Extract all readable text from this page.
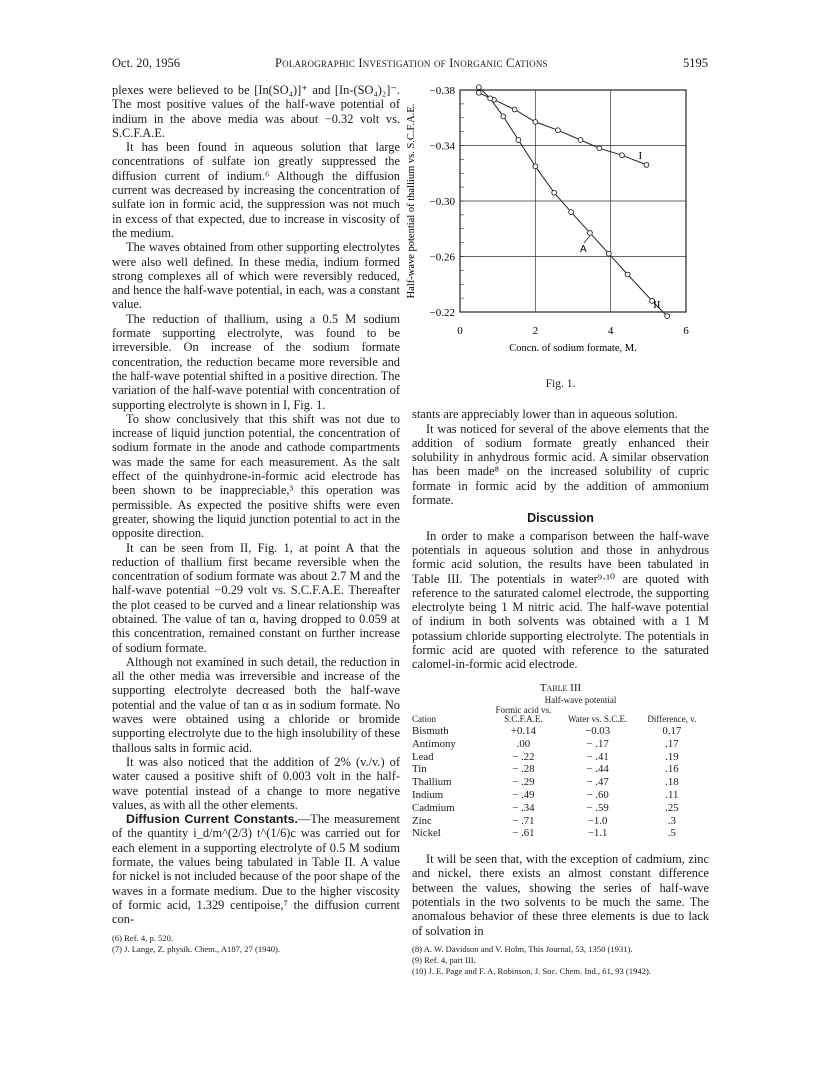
Oct. 20, 1956	Polarographic Investigation of Inorganic Cations	5195

plexes were believed to be [In(SO₄)]⁺ and [In-(SO₄)₂]⁻. The most positive values of the half-wave potential of indium in the above media was about −0.32 volt vs. S.C.F.A.E.

It has been found in aqueous solution that large concentrations of sulfate ion greatly suppressed the diffusion current of indium.⁶ Although the diffusion current was decreased by increasing the concentration of sulfate ion in formic acid, the suppression was not much in excess of that expected, due to increase in viscosity of the medium.

The waves obtained from other supporting electrolytes were also well defined. In these media, indium formed strong complexes all of which were reversibly reduced, and hence the half-wave potential, in each, was a constant value.

The reduction of thallium, using a 0.5 M sodium formate supporting electrolyte, was found to be irreversible. On increase of the sodium formate concentration, the reduction became more reversible and the half-wave potential shifted in a positive direction. The variation of the half-wave potential with concentration of supporting electrolyte is shown in I, Fig. 1.

To show conclusively that this shift was not due to increase of liquid junction potential, the concentration of sodium formate in the anode and cathode compartments was made the same for each measurement. As the salt effect of the quinhydrone-in-formic acid electrode has been shown to be inappreciable,³ this operation was permissible. As expected the positive shifts were even greater, showing the liquid junction potential to act in the opposite direction.

It can be seen from II, Fig. 1, at point A that the reduction of thallium first became reversible when the concentration of sodium formate was about 2.7 M and the half-wave potential −0.29 volt vs. S.C.F.A.E. Thereafter the plot ceased to be curved and a linear relationship was obtained. The value of tan α, having dropped to 0.059 at this concentration, remained constant on further increase of sodium formate.

Although not examined in such detail, the reduction in all the other media was irreversible and increase of the supporting electrolyte decreased both the half-wave potential and the value of tan α as in sodium formate. No waves were obtained using a chloride or bromide supporting electrolyte due to the high insolubility of these thallous salts in formic acid.

It was also noticed that the addition of 2% (v./v.) of water caused a positive shift of 0.003 volt in the half-wave potential instead of a change to more negative values, as with all the other elements.

Diffusion Current Constants.—The measurement of the quantity i_d/m^(2/3) t^(1/6)c was carried out for each element in a supporting electrolyte of 0.5 M sodium formate, the values being tabulated in Table II. A value for nickel is not included because of the poor shape of the waves in a formate medium. Due to the higher viscosity of formic acid, 1.329 centipoise,⁷ the diffusion current con-

(6) Ref. 4, p. 520.
(7) J. Lange, Z. physik. Chem., A187, 27 (1940).
0	2	4	6
−0.38
−0.34
−0.30
−0.26
−0.22
Concn. of sodium formate, M.
Half-wave potential of thallium vs. S.C.F.A.E.	A
I
II
Fig. 1.

stants are appreciably lower than in aqueous solution.

It was noticed for several of the above elements that the addition of sodium formate greatly enhanced their solubility in anhydrous formic acid. A similar observation has been made⁸ on the increased solubility of cupric formate in formic acid by the addition of ammonium formate.

Discussion

In order to make a comparison between the half-wave potentials in aqueous solution and those in anhydrous formic acid solution, the results have been tabulated in Table III. The potentials in water⁹·¹⁰ are quoted with reference to the saturated calomel electrode, the supporting electrolyte being 1 M nitric acid. The half-wave potential of indium in both solvents was obtained with a 1 M potassium chloride supporting electrolyte. The potentials in formic acid are quoted with reference to the saturated calomel-in-formic acid electrode.

Table III
	Half-wave potential		
Cation	Formic acid vs. S.C.F.A.E.	Water vs. S.C.E.	Difference, v.
Bismuth	+0.14	−0.03	0.17
Antimony	.00	− .17	.17
Lead	− .22	− .41	.19
Tin	− .28	− .44	.16
Thallium	− .29	− .47	.18
Indium	− .49	− .60	.11
Cadmium	− .34	− .59	.25
Zinc	− .71	−1.0	.3
Nickel	− .61	−1.1	.5

It will be seen that, with the exception of cadmium, zinc and nickel, there exists an almost constant difference between the values, showing the series of half-wave potentials in the two solvents to be much the same. The anomalous behavior of these three elements is due to lack of solvation in

(8) A. W. Davidson and V. Holm, This Journal, 53, 1350 (1931).
(9) Ref. 4, part III.
(10) J. E. Page and F. A. Robinson, J. Soc. Chem. Ind., 61, 93 (1942).
